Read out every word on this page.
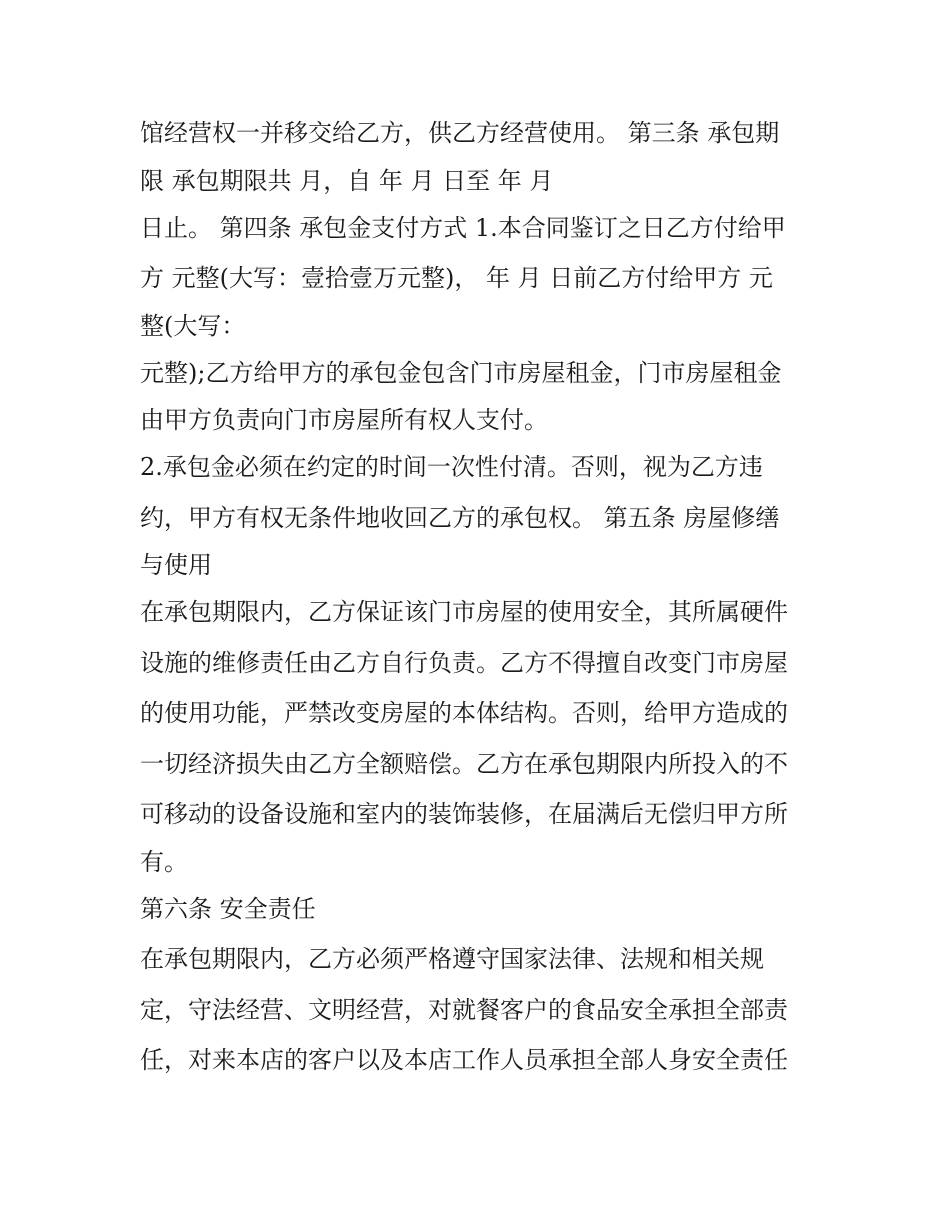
馆经营权一并移交给乙方，供乙方经营使用。 第三条 承包期
限 承包期限共 月，自 年 月 日至 年 月
日止。 第四条 承包金支付方式 1.本合同鉴订之日乙方付给甲
方 元整(大写：壹拾壹万元整)， 年 月 日前乙方付给甲方 元
整(大写：
元整);乙方给甲方的承包金包含门市房屋租金，门市房屋租金
由甲方负责向门市房屋所有权人支付。
2.承包金必须在约定的时间一次性付清。否则，视为乙方违
约，甲方有权无条件地收回乙方的承包权。 第五条 房屋修缮
与使用
在承包期限内，乙方保证该门市房屋的使用安全，其所属硬件
设施的维修责任由乙方自行负责。乙方不得擅自改变门市房屋
的使用功能，严禁改变房屋的本体结构。否则，给甲方造成的
一切经济损失由乙方全额赔偿。乙方在承包期限内所投入的不
可移动的设备设施和室内的装饰装修，在届满后无偿归甲方所
有。
第六条 安全责任
在承包期限内，乙方必须严格遵守国家法律、法规和相关规
定，守法经营、文明经营，对就餐客户的食品安全承担全部责
任，对来本店的客户以及本店工作人员承担全部人身安全责任
